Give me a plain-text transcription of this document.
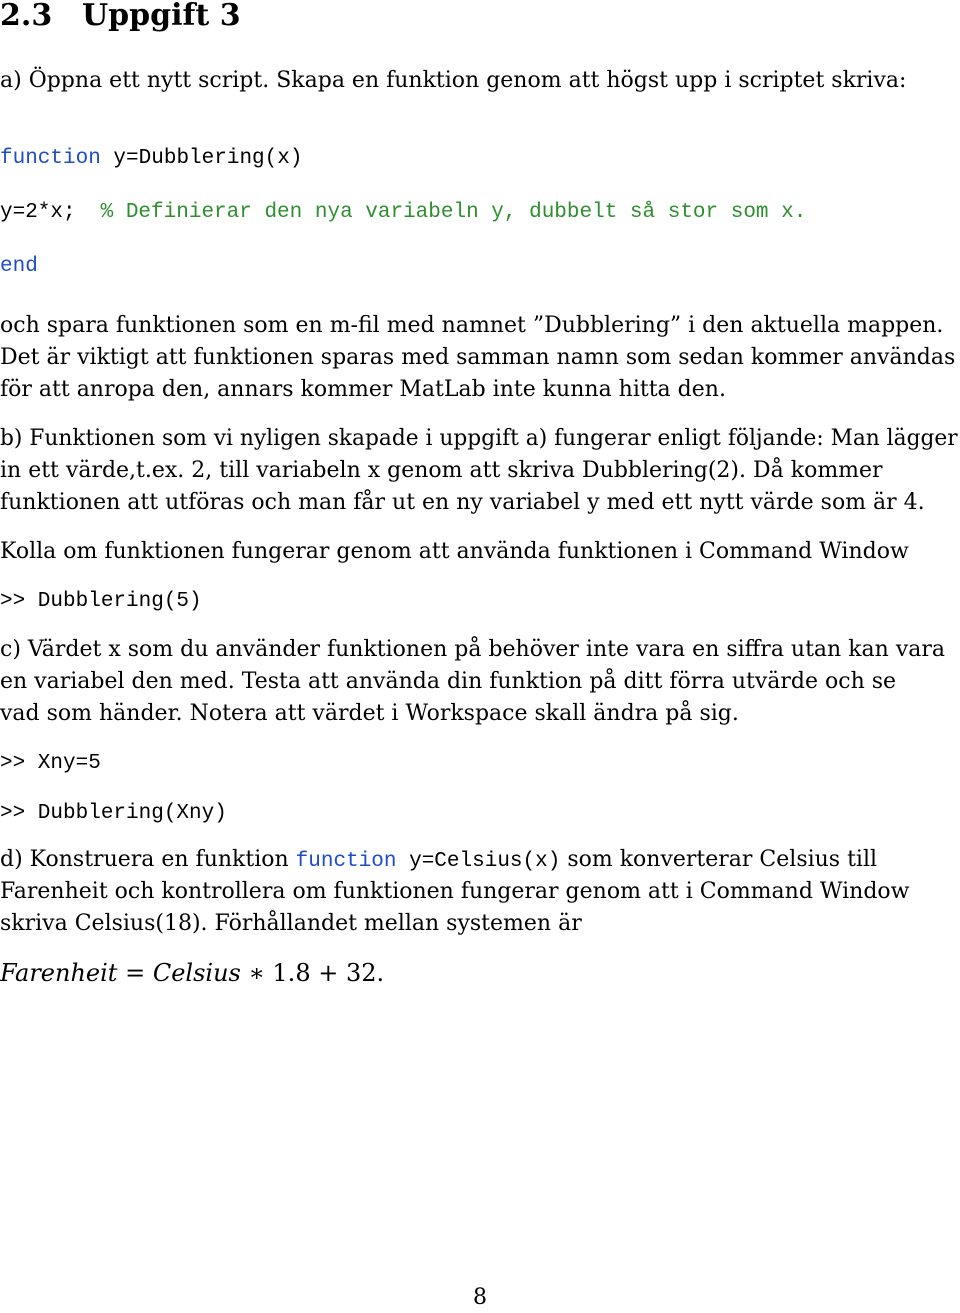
2.3 Uppgift 3

a) Öppna ett nytt script. Skapa en funktion genom att högst upp i scriptet skriva:

function y=Dubblering(x)

y=2*x; % Definierar den nya variabeln y, dubbelt så stor som x.

end

och spara funktionen som en m-fil med namnet ”Dubblering” i den aktuella mappen.

Det är viktigt att funktionen sparas med samman namn som sedan kommer användas

för att anropa den, annars kommer MatLab inte kunna hitta den.

b) Funktionen som vi nyligen skapade i uppgift a) fungerar enligt följande: Man lägger

in ett värde,t.ex. 2, till variabeln x genom att skriva Dubblering(2). Då kommer

funktionen att utföras och man får ut en ny variabel y med ett nytt värde som är 4.

Kolla om funktionen fungerar genom att använda funktionen i Command Window

>> Dubblering(5)

c) Värdet x som du använder funktionen på behöver inte vara en siffra utan kan vara

en variabel den med. Testa att använda din funktion på ditt förra utvärde och se

vad som händer. Notera att värdet i Workspace skall ändra på sig.

>> Xny=5

>> Dubblering(Xny)

d) Konstruera en funktion function y=Celsius(x) som konverterar Celsius till

Farenheit och kontrollera om funktionen fungerar genom att i Command Window

skriva Celsius(18). Förhållandet mellan systemen är

Farenheit = Celsius ∗ 1.8 + 32.

8
